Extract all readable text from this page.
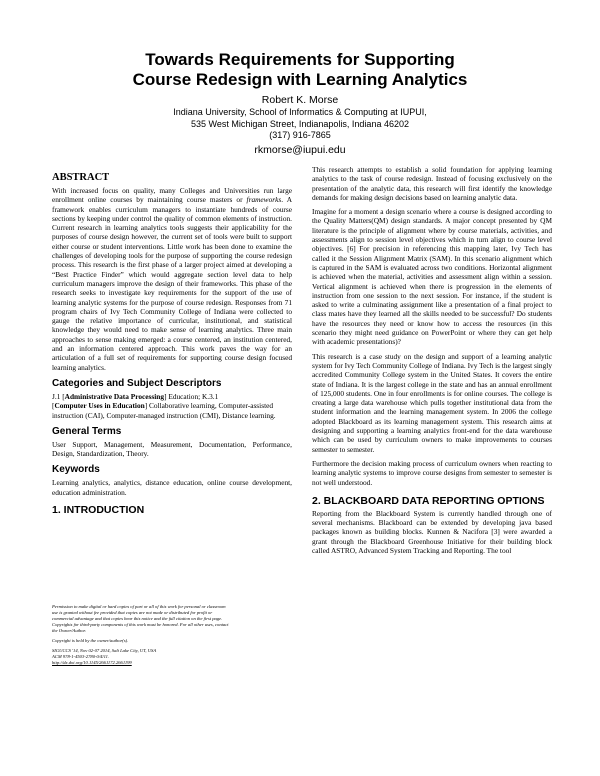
Towards Requirements for Supporting
Course Redesign with Learning Analytics
Robert K. Morse
Indiana University, School of Informatics & Computing at IUPUI,
535 West Michigan Street, Indianapolis, Indiana 46202
(317) 916-7865
rkmorse@iupui.edu
ABSTRACT

With increased focus on quality, many Colleges and Universities run large enrollment online courses by maintaining course masters or frameworks. A framework enables curriculum managers to instantiate hundreds of course sections by keeping under control the quality of common elements of instruction. Current research in learning analytics tools suggests their applicability for the purposes of course design however, the current set of tools were built to support either course or student interventions. Little work has been done to examine the challenges of developing tools for the purpose of supporting the course redesign process. This research is the first phase of a larger project aimed at developing a “Best Practice Finder” which would aggregate section level data to help curriculum managers improve the design of their frameworks. This phase of the research seeks to investigate key requirements for the support of the use of learning analytic systems for the purpose of course redesign. Responses from 71 program chairs of Ivy Tech Community College of Indiana were collected to gauge the relative importance of curricular, institutional, and statistical knowledge they would need to make sense of learning analytics. Three main approaches to sense making emerged: a course centered, an institution centered, and an information centered approach. This work paves the way for an articulation of a full set of requirements for supporting course design focused learning analytics.

Categories and Subject Descriptors

J.1 [Administrative Data Processing] Education; K.3.1
[Computer Uses in Education] Collaborative learning, Computer-assisted instruction (CAI), Computer-managed instruction (CMI), Distance learning.

General Terms

User Support, Management, Measurement, Documentation, Performance, Design, Standardization, Theory.

Keywords

Learning analytics, analytics, distance education, online course development, education administration.

1. INTRODUCTION
Permission to make digital or hard copies of part or all of this work for personal or classroom
use is granted without fee provided that copies are not made or distributed for profit or
commercial advantage and that copies bear this notice and the full citation on the first page.
Copyrights for third-party components of this work must be honored. For all other uses, contact
the Owner/Author.
Copyright is held by the owner/author(s).
SIGUCCS '14, Nov 02-07 2014, Salt Lake City, UT, USA
ACM 978-1-4503-2780-0/4/11.
http://dx.doi.org/10.1145/2661172.2661199

This research attempts to establish a solid foundation for applying learning analytics to the task of course redesign. Instead of focusing exclusively on the presentation of the analytic data, this research will first identify the knowledge demands for making design decisions based on learning analytic data.

Imagine for a moment a design scenario where a course is designed according to the Quality Matters(QM) design standards. A major concept presented by QM literature is the principle of alignment where by course materials, activities, and assessments align to session level objectives which in turn align to course level objectives. [6] For precision in referencing this mapping later, Ivy Tech has called it the Session Alignment Matrix (SAM). In this scenario alignment which is captured in the SAM is evaluated across two conditions. Horizontal alignment is achieved when the material, activities and assessment align within a session. Vertical alignment is achieved when there is progression in the elements of instruction from one session to the next session. For instance, if the student is asked to write a culminating assignment like a presentation of a final project to class mates have they learned all the skills needed to be successful? Do students have the resources they need or know how to access the resources (in this scenario they might need guidance on PowerPoint or where they can get help with academic presentations)?

This research is a case study on the design and support of a learning analytic system for Ivy Tech Community College of Indiana. Ivy Tech is the largest singly accredited Community College system in the United States. It covers the entire state of Indiana. It is the largest college in the state and has an annual enrollment of 125,000 students. One in four enrollments is for online courses. The college is creating a large data warehouse which pulls together institutional data from the student information and the learning management system. In 2006 the college adopted Blackboard as its learning management system. This research aims at designing and supporting a learning analytics front-end for the data warehouse which can be used by curriculum owners to make improvements to courses semester to semester.

Furthermore the decision making process of curriculum owners when reacting to learning analytic systems to improve course designs from semester to semester is not well understood.

2. BLACKBOARD DATA REPORTING OPTIONS

Reporting from the Blackboard System is currently handled through one of several mechanisms. Blackboard can be extended by developing java based packages known as building blocks. Kunnen & Nacifora [3] were awarded a grant through the Blackboard Greenhouse Initiative for their building block called ASTRO, Advanced System Tracking and Reporting. The tool
